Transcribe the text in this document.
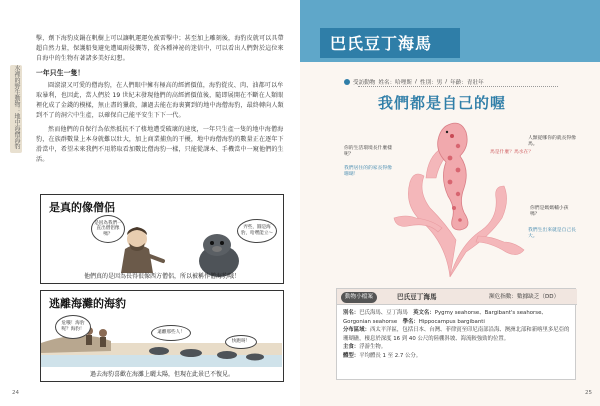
水裡的野生動物：地中海僧海豹

擊，劑下海豹皮鍋在帆樹上可以讓帆運運免被雷擊中；甚至加上雕刻後，海豹皮就可以具帶超自然力量，保護船隻避免遭風雨侵襲等，從各種神祕的迷信中，可以看出人們對於這位來自海中的生物有著諸多美好幻想。

一年只生一隻！

圓滾滾又可愛的僧海豹，在人們眼中擁有極高的經濟價值，海豹從皮、肉、油都可以牟取暴利，也因此，當人們於 19 世紀末發現他們的高經濟價值後，隨即展開在不斷在人類眼裡化成了金錢的模樣，無止盡的獵殺，讓過去能在海裏寶到的地中海僧海豹，最終轉向人類到不了的洞穴中生產，以確保自己能平安生下下一代。

然而他們的自保行為依然抵抗不了棲地遭受破壞的速度，一年只生產一隻的地中海僧海豹，在族群數量上本身就難以壯大，加上商業捕魚的干擾，地中海僧海豹的數量正在逐年下滑當中，希望未來我們不用將取看加數比僧海豹一樣，只能從課本、手機當中一窺他們的生活。

是真的像僧侶
是因為我們一直出僧侶像嗎？
弄些，圓是海豹，哈嘿能立～
他們真的是因為長得很像西方僧侶，所以被稱作僧海豹哦！
逃離海灘的海豹
危哦！海豹呢？海豹！
遠離那些人！
快跑呀！
過去海豹喜歡在海灘上曬太陽，但現在此景已不復見。
24
巴氏豆丁海馬
受訪動物 姓名：哈哩斯 / 性別：男 / 年齡：青壯年
我們都是自己的喔
你的生活環境長什麼樣呢？
我們居住的的家長得像珊瑚！
馬是什麼？馬水在？
人類從哪你的就長得像馬。
你們是媽媽輔小孩嗎？
我們生出來就是自己長大。
動物小檔案	巴氏豆丁海馬	瀕危指數：數據缺乏（DD）
別名：巴氏海馬、豆丁海馬　 英文名：Pygmy seahorse、Bargibant's seahorse、Gorgonian seahorse　 學名：Hippocampus bargibanti
分布區域：西太平洋區，包括日本、台灣、菲律賓至印尼南部沿海、澳洲北部和新喀里多尼亞的珊瑚礁，棲息於深度 16 到 40 公尺的陸棚斜坡、海流較強勁的位置。
主食：浮游生物。
體型：平均體長 1 至 2.7 公分。
25
